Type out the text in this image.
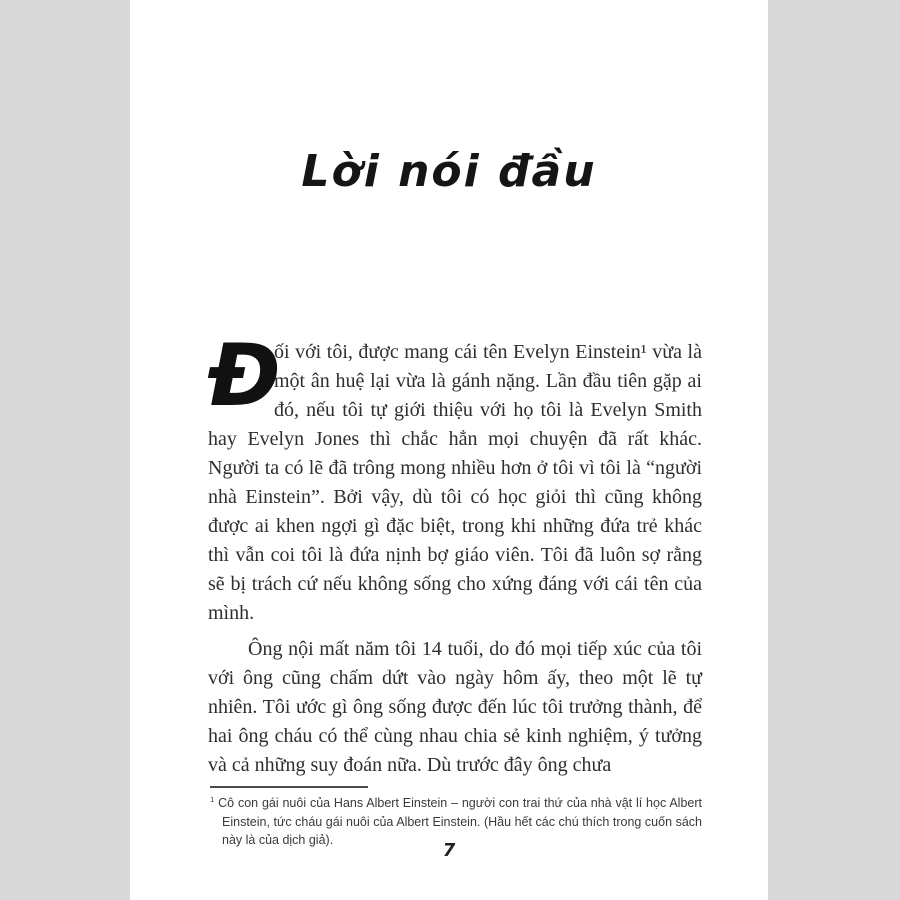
Lời nói đầu

Đ
ối với tôi, được mang cái tên Evelyn Einstein¹ vừa là một ân huệ lại vừa là gánh nặng. Lần đầu tiên gặp ai đó, nếu tôi tự giới thiệu với họ tôi là Evelyn Smith hay Evelyn Jones thì chắc hẳn mọi chuyện đã rất khác. Người ta có lẽ đã trông mong nhiều hơn ở tôi vì tôi là “người nhà Einstein”. Bởi vậy, dù tôi có học giỏi thì cũng không được ai khen ngợi gì đặc biệt, trong khi những đứa trẻ khác thì vẫn coi tôi là đứa nịnh bợ giáo viên. Tôi đã luôn sợ rằng sẽ bị trách cứ nếu không sống cho xứng đáng với cái tên của mình.

Ông nội mất năm tôi 14 tuổi, do đó mọi tiếp xúc của tôi với ông cũng chấm dứt vào ngày hôm ấy, theo một lẽ tự nhiên. Tôi ước gì ông sống được đến lúc tôi trưởng thành, để hai ông cháu có thể cùng nhau chia sẻ kinh nghiệm, ý tưởng và cả những suy đoán nữa. Dù trước đây ông chưa

$^1$ Cô con gái nuôi của Hans Albert Einstein – người con trai thứ của nhà vật lí học Albert Einstein, tức cháu gái nuôi của Albert Einstein. (Hầu hết các chú thích trong cuốn sách này là của dịch giả).	7
